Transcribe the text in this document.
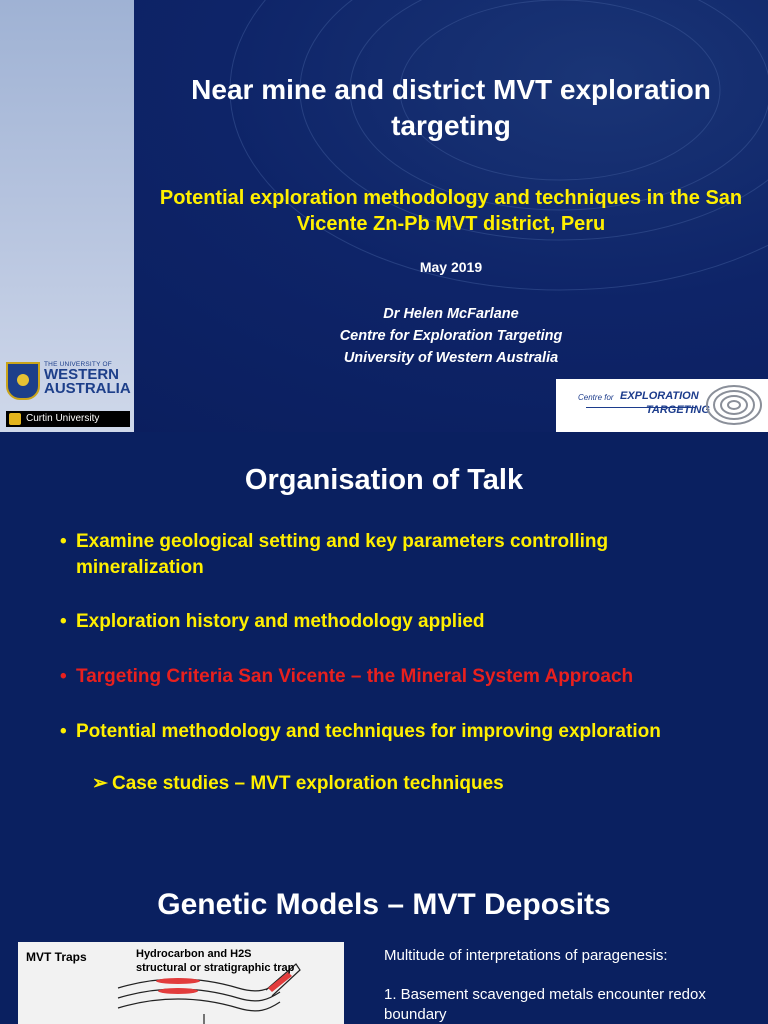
THE UNIVERSITY OF
WESTERN
AUSTRALIA
Curtin University
Near mine and district MVT exploration targeting
Potential exploration methodology and techniques in the San Vicente Zn-Pb MVT district, Peru
May 2019
Dr Helen McFarlane
Centre for Exploration Targeting
University of Western Australia
Centre for EXPLORATION
TARGETING
Organisation of Talk
• Examine geological setting and key parameters controlling mineralization
• Exploration history and methodology applied
• Targeting Criteria San Vicente – the Mineral System Approach
• Potential methodology and techniques for improving exploration
➢ Case studies – MVT exploration techniques
Genetic Models – MVT Deposits
MVT Traps	Hydrocarbon and H2S
structural or stratigraphic trap
Multitude of interpretations of paragenesis:
1. Basement scavenged metals encounter redox boundary
